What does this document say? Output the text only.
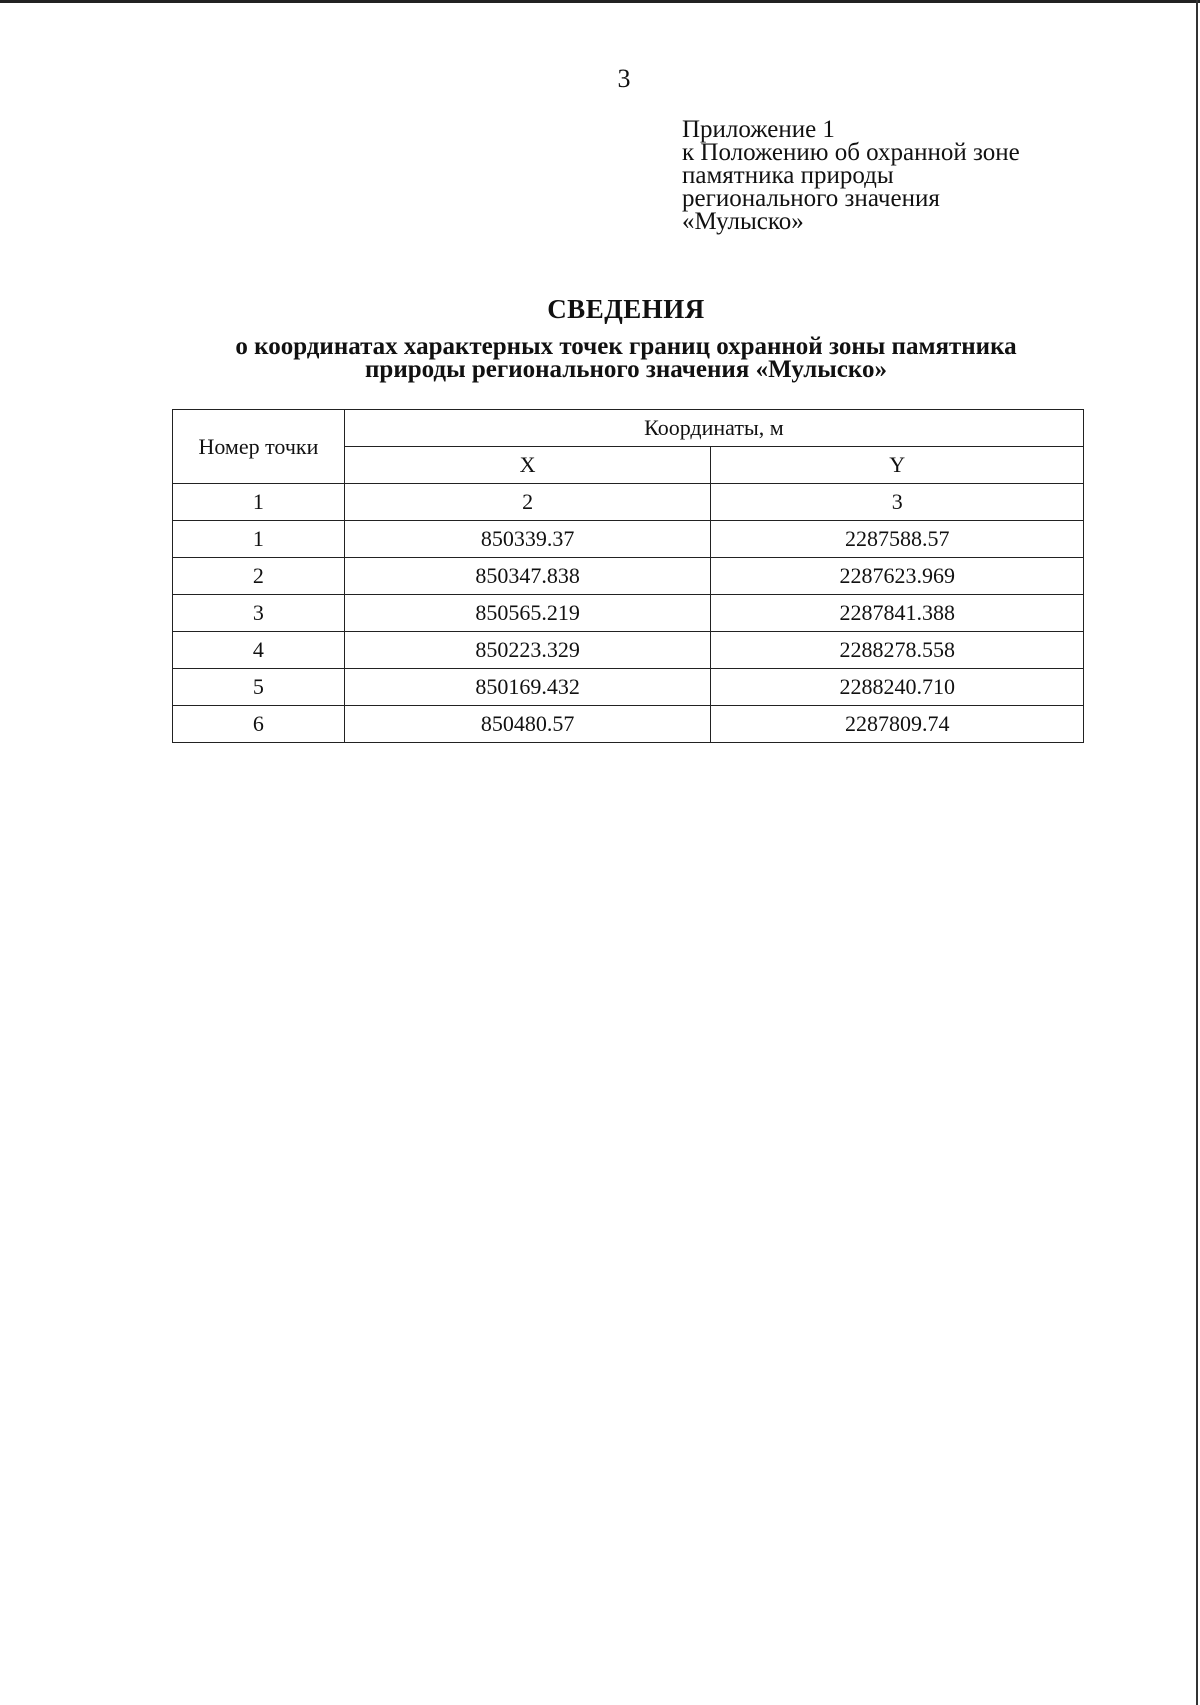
3
Приложение 1
к Положению об охранной зоне
памятника природы
регионального значения
«Мулыско»
СВЕДЕНИЯ
о координатах характерных точек границ охранной зоны памятника
природы регионального значения «Мулыско»
Номер точки	Координаты, м	
	X	Y
1	2	3
1	850339.37	2287588.57
2	850347.838	2287623.969
3	850565.219	2287841.388
4	850223.329	2288278.558
5	850169.432	2288240.710
6	850480.57	2287809.74
